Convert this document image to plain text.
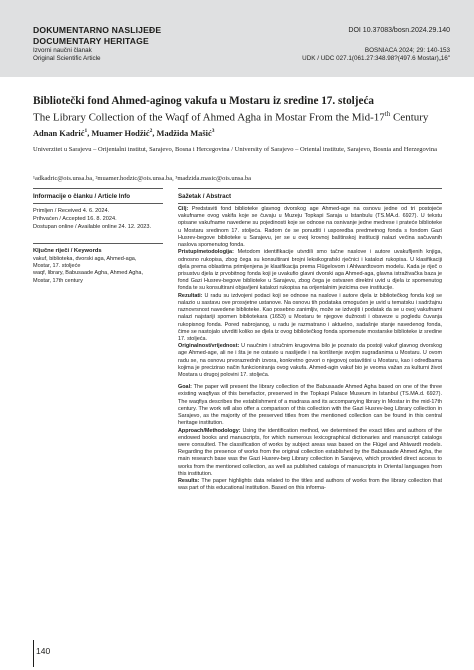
DOKUMENTARNO NASLIJEĐE
DOCUMENTARY HERITAGE
Izvorni naučni članak
Original Scientific Article
DOI 10.37083/bosn.2024.29.140
BOSNIACA 2024; 29: 140-153
UDK / UDC 027.1(061.27:348.98?(497.6 Mostar)„16"
Bibliotečki fond Ahmed-aginog vakufa u Mostaru iz sredine 17. stoljeća
The Library Collection of the Waqf of Ahmed Agha in Mostar From the Mid-17th Century
Adnan Kadrić$^1$, Muamer Hodžić$^2$, Madžida Mašić$^3$
Univerzitet u Sarajevu – Orijentalni institut, Sarajevo, Bosna i Hercegovina / University of Sarajevo – Oriental institute, Sarajevo, Bosnia and Herzegovina
¹adkadric@ois.unsa.ba, ²muamer.hodzic@ois.unsa.ba, ³madzida.masic@ois.unsa.ba
Informacije o članku / Article Info	Sažetak / Abstract
Primljen / Received 4. 6. 2024.
Prihvaćen / Accepted 16. 8. 2024.
Dostupan online / Available online 24. 12. 2023.
Ključne riječi / Keywords
vakuf, biblioteka, dvorski aga, Ahmed-aga,
Mostar, 17. stoljeće
waqf, library, Babusaade Agha, Ahmed Agha,
Mostar, 17th century

Cilj: Predstaviti fond biblioteke glavnog dvorskog age Ahmed-age na osnovu jedne od tri postojeće vakufname ovog vakifa koje se čuvaju u Muzeju Topkapi Saraja u Istanbulu (TS.MA.d. 6927). U tekstu opisane vakufname navedene su pojedinosti koje se odnose na osnivanje jedne medrese i pratеće biblioteke u Mostaru sredinom 17. stoljeća. Radom će se ponuditi i usporedba predmetnog fonda s fondom Gazi Husrev-begove biblioteke u Sarajevu, jer se u ovoj krovnoj baštinskoj instituciji nalazi većina sačuvanih naslova spomenutog fonda.

Pristup/metodologija: Metodom identifikacije utvrdili smo tačne naslove i autore uvakufljenih knjiga, odnosno rukopisa, zbog čega su konsultirani brojni leksikografski rječnici i katalozi rukopisa. U klasifikaciji djela prema oblastima primijenjena je klasifikacija prema Flügelovom i Ahlwardtovom modelu. Kada je riječ o prisustvu djela iz prvobitnog fonda koji je uvakufio glavni dvorski aga Ahmed-aga, glavna istraživačka baza je fond Gazi Husrev-begove biblioteke u Sarajevu, zbog čega je ostvaren direktni uvid u djela iz spomenutog fonda te su konsultirani objavljeni katalozi rukopisa na orijentalnim jezicima ove institucije.

Rezultati: U radu su izdvojeni podaci koji se odnose na naslove i autore djela iz bibliotečkog fonda koji se nalazio u sastavu ove prosvjetne ustanove. Na osnovu tih podataka omogućen je uvid u tematsku i sadržajnu raznovrsnost navedene biblioteke. Kao posebno zanimljiv, može se izdvojiti i podatak da se u ovoj vakufnami nalazi najstariji spomen bibliotekara (1653) u Mostaru te njegove dužnosti i obaveze u pogledu čuvanja rukopisnog fonda. Pored nabrojanog, u radu je razmatrano i aktuelno, sadašnje stanje navedenog fonda, čime se nastojalo utvrditi koliko se djela iz ovog bibliotečkog fonda spomenute mostarske biblioteke iz sredine 17. stoljeća.

Originalnost/vrijednost: U naučnim i stručnim krugovima bilo je poznato da postoji vakuf glavnog dvorskog age Ahmed-age, ali ne i šta je ne ostavio u naslijeđe i na korištenje svojim sugrađanima u Mostaru. U ovom radu se, na osnovu prvorazrednih izvora, konkretno govori o njegovoj ostavštini u Mostaru, kao i određbama kojima je precizirao način funkcioniranja ovog vakufa. Ahmed-agin vakuf bio je veoma važan za kulturni život Mostara u drugoj polovini 17. stoljeća.

Goal: The paper will present the library collection of the Babusaade Ahmed Agha based on one of the three existing waqfiyas of this benefactor, preserved in the Topkapi Palace Museum in Istanbul (TS.MA.d. 6927). The waqfiya describes the establishment of a madrasa and its accompanying library in Mostar in the mid-17th century. The work will also offer a comparison of this collection with the Gazi Husrev-beg Library collection in Sarajevo, as the majority of the preserved titles from the mentioned collection can be found in this central heritage institution.

Approach/Methodology: Using the identification method, we determined the exact titles and authors of the endowed books and manuscripts, for which numerous lexicographical dictionaries and manuscript catalogs were consulted. The classification of works by subject areas was based on the Flügel and Ahlwardt models. Regarding the presence of works from the original collection established by the Babusaade Ahmed Agha, the main research base was the Gazi Husrev-beg Library collection in Sarajevo, which provided direct access to works from the mentioned collection, as well as published catalogs of manuscripts in Oriental languages from this institution.

Results: The paper highlights data related to the titles and authors of works from the library collection that was part of this educational institution. Based on this informa-

140
